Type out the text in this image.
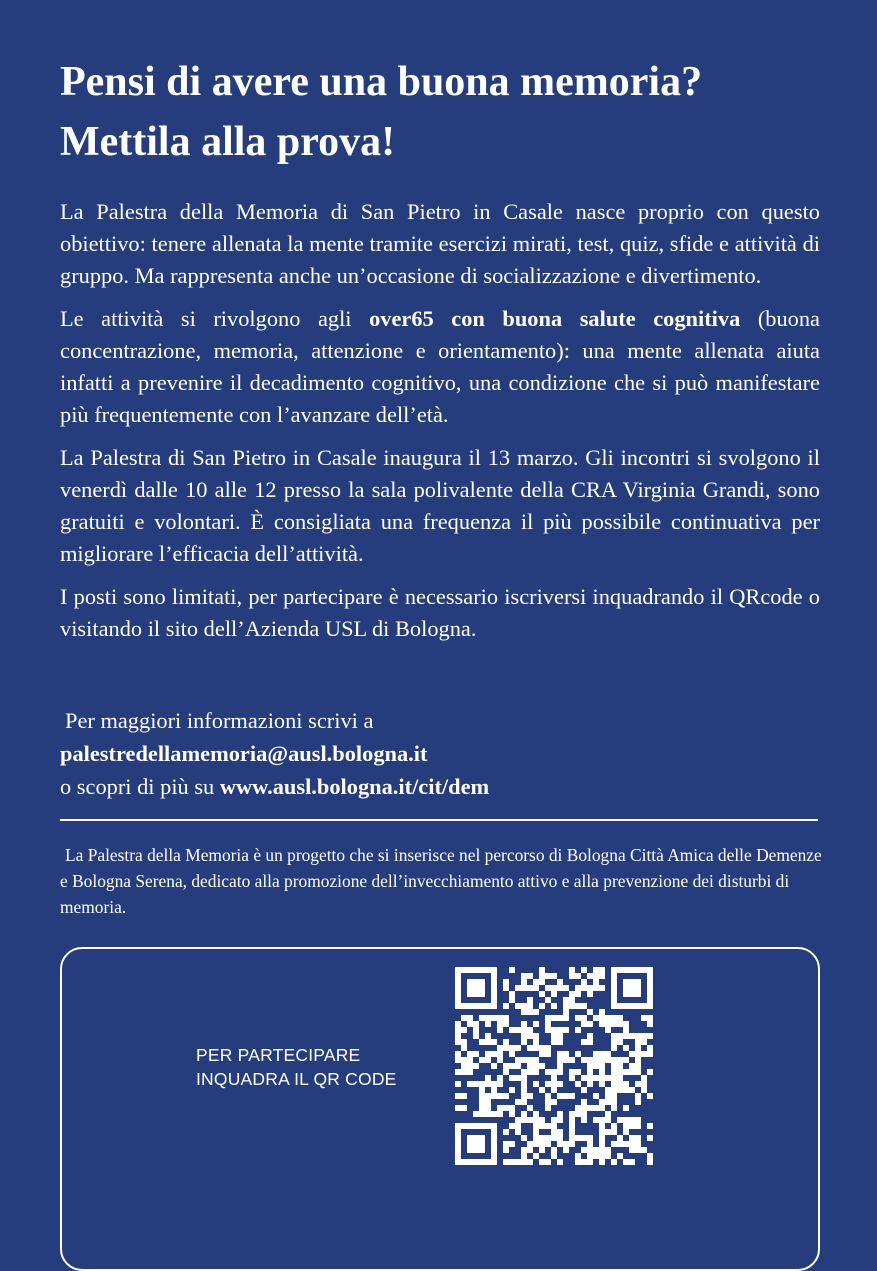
Pensi di avere una buona memoria?
Mettila alla prova!

La Palestra della Memoria di San Pietro in Casale nasce proprio con questo obiettivo: tenere allenata la mente tramite esercizi mirati, test, quiz, sfide e attività di gruppo. Ma rappresenta anche un’occasione di socializzazione e divertimento.

Le attività si rivolgono agli over65 con buona salute cognitiva (buona concentrazione, memoria, attenzione e orientamento): una mente allenata aiuta infatti a prevenire il decadimento cognitivo, una condizione che si può manifestare più frequentemente con l’avanzare dell’età.

La Palestra di San Pietro in Casale inaugura il 13 marzo. Gli incontri si svolgono il venerdì dalle 10 alle 12 presso la sala polivalente della CRA Virginia Grandi, sono gratuiti e volontari. È consigliata una frequenza il più possibile continuativa per migliorare l’efficacia dell’attività.

I posti sono limitati, per partecipare è necessario iscriversi inquadrando il QRcode o visitando il sito dell’Azienda USL di Bologna.

Per maggiori informazioni scrivi a
palestredellamemoria@ausl.bologna.it
o scopri di più su www.ausl.bologna.it/cit/dem

La Palestra della Memoria è un progetto che si inserisce nel percorso di Bologna Città Amica delle Demenze e Bologna Serena, dedicato alla promozione dell’invecchiamento attivo e alla prevenzione dei disturbi di memoria.

PER PARTECIPARE
INQUADRA IL QR CODE
